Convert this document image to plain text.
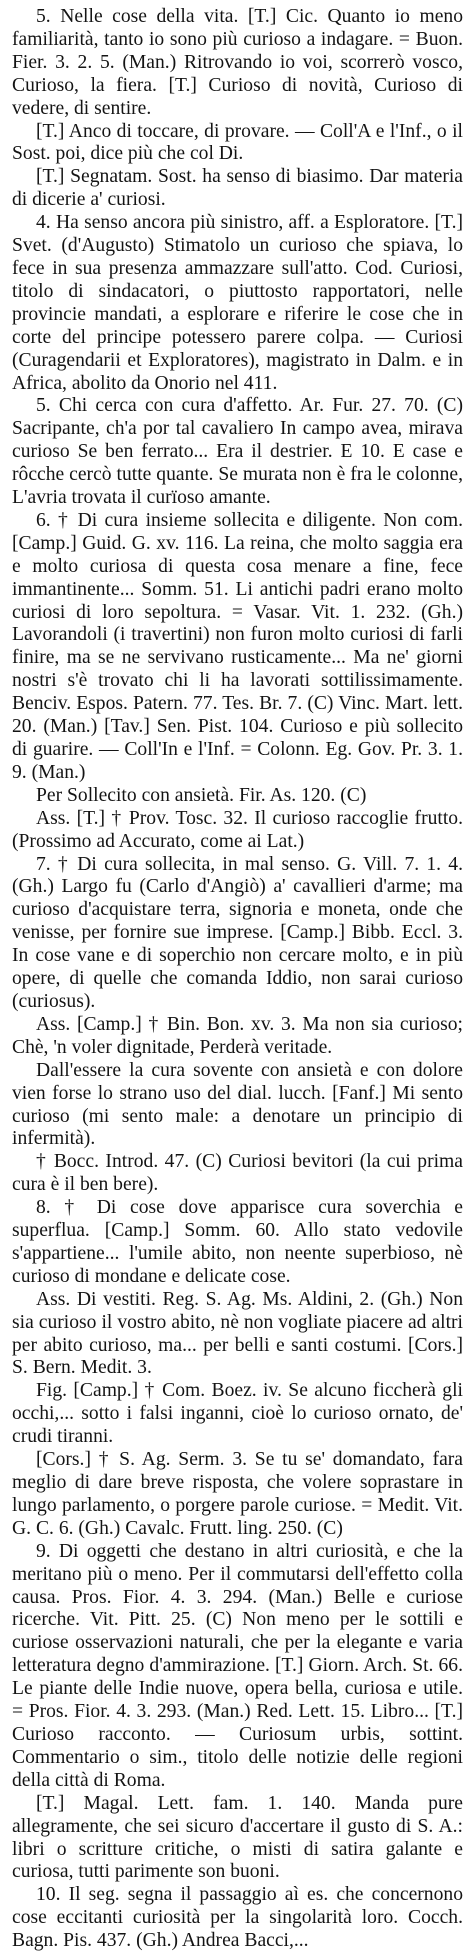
5. Nelle cose della vita. [T.] Cic. Quanto io meno familiarità, tanto io sono più curioso a indagare. = Buon. Fier. 3. 2. 5. (Man.) Ritrovando io voi, scorrerò vosco, Curioso, la fiera. [T.] Curioso di novità, Curioso di vedere, di sentire.

[T.] Anco di toccare, di provare. — Coll'A e l'Inf., o il Sost. poi, dice più che col Di.

[T.] Segnatam. Sost. ha senso di biasimo. Dar materia di dicerie a' curiosi.

4. Ha senso ancora più sinistro, aff. a Esploratore. [T.] Svet. (d'Augusto) Stimatolo un curioso che spiava, lo fece in sua presenza ammazzare sull'atto. Cod. Curiosi, titolo di sindacatori, o piuttosto rapportatori, nelle provincie mandati, a esplorare e riferire le cose che in corte del principe potessero parere colpa. — Curiosi (Curagendarii et Exploratores), magistrato in Dalm. e in Africa, abolito da Onorio nel 411.

5. Chi cerca con cura d'affetto. Ar. Fur. 27. 70. (C) Sacripante, ch'a por tal cavaliero In campo avea, mirava curioso Se ben ferrato... Era il destrier. E 10. E case e rôcche cercò tutte quante. Se murata non è fra le colonne, L'avria trovata il curïoso amante.

6. † Di cura insieme sollecita e diligente. Non com. [Camp.] Guid. G. xv. 116. La reina, che molto saggia era e molto curiosa di questa cosa menare a fine, fece immantinente... Somm. 51. Li antichi padri erano molto curiosi di loro sepoltura. = Vasar. Vit. 1. 232. (Gh.) Lavorandoli (i travertini) non furon molto curiosi di farli finire, ma se ne servivano rusticamente... Ma ne' giorni nostri s'è trovato chi li ha lavorati sottilissimamente. Benciv. Espos. Patern. 77. Tes. Br. 7. (C) Vinc. Mart. lett. 20. (Man.) [Tav.] Sen. Pist. 104. Curioso e più sollecito di guarire. — Coll'In e l'Inf. = Colonn. Eg. Gov. Pr. 3. 1. 9. (Man.)

Per Sollecito con ansietà. Fir. As. 120. (C)

Ass. [T.] † Prov. Tosc. 32. Il curioso raccoglie frutto. (Prossimo ad Accurato, come ai Lat.)

7. † Di cura sollecita, in mal senso. G. Vill. 7. 1. 4. (Gh.) Largo fu (Carlo d'Angiò) a' cavallieri d'arme; ma curioso d'acquistare terra, signoria e moneta, onde che venisse, per fornire sue imprese. [Camp.] Bibb. Eccl. 3. In cose vane e di soperchio non cercare molto, e in più opere, di quelle che comanda Iddio, non sarai curioso (curiosus).

Ass. [Camp.] † Bin. Bon. xv. 3. Ma non sia curioso; Chè, 'n voler dignitade, Perderà veritade.

Dall'essere la cura sovente con ansietà e con dolore vien forse lo strano uso del dial. lucch. [Fanf.] Mi sento curioso (mi sento male: a denotare un principio di infermità).

† Bocc. Introd. 47. (C) Curiosi bevitori (la cui prima cura è il ben bere).

8. † Di cose dove apparisce cura soverchia e superflua. [Camp.] Somm. 60. Allo stato vedovile s'appartiene... l'umile abito, non neente superbioso, nè curioso di mondane e delicate cose.

Ass. Di vestiti. Reg. S. Ag. Ms. Aldini, 2. (Gh.) Non sia curioso il vostro abito, nè non vogliate piacere ad altri per abito curioso, ma... per belli e santi costumi. [Cors.] S. Bern. Medit. 3.

Fig. [Camp.] † Com. Boez. iv. Se alcuno ficcherà gli occhi,... sotto i falsi inganni, cioè lo curioso ornato, de' crudi tiranni.

[Cors.] † S. Ag. Serm. 3. Se tu se' domandato, fara meglio di dare breve risposta, che volere soprastare in lungo parlamento, o porgere parole curiose. = Medit. Vit. G. C. 6. (Gh.) Cavalc. Frutt. ling. 250. (C)

9. Di oggetti che destano in altri curiosità, e che la meritano più o meno. Per il commutarsi dell'effetto colla causa. Pros. Fior. 4. 3. 294. (Man.) Belle e curiose ricerche. Vit. Pitt. 25. (C) Non meno per le sottili e curiose osservazioni naturali, che per la elegante e varia letteratura degno d'ammirazione. [T.] Giorn. Arch. St. 66. Le piante delle Indie nuove, opera bella, curiosa e utile. = Pros. Fior. 4. 3. 293. (Man.) Red. Lett. 15. Libro... [T.] Curioso racconto. — Curiosum urbis, sottint. Commentario o sim., titolo delle notizie delle regioni della città di Roma.

[T.] Magal. Lett. fam. 1. 140. Manda pure allegramente, che sei sicuro d'accertare il gusto di S. A.: libri o scritture critiche, o misti di satira galante e curiosa, tutti parimente son buoni.

10. Il seg. segna il passaggio aì es. che concernono cose eccitanti curiosità per la singolarità loro. Cocch. Bagn. Pis. 437. (Gh.) Andrea Bacci,...
